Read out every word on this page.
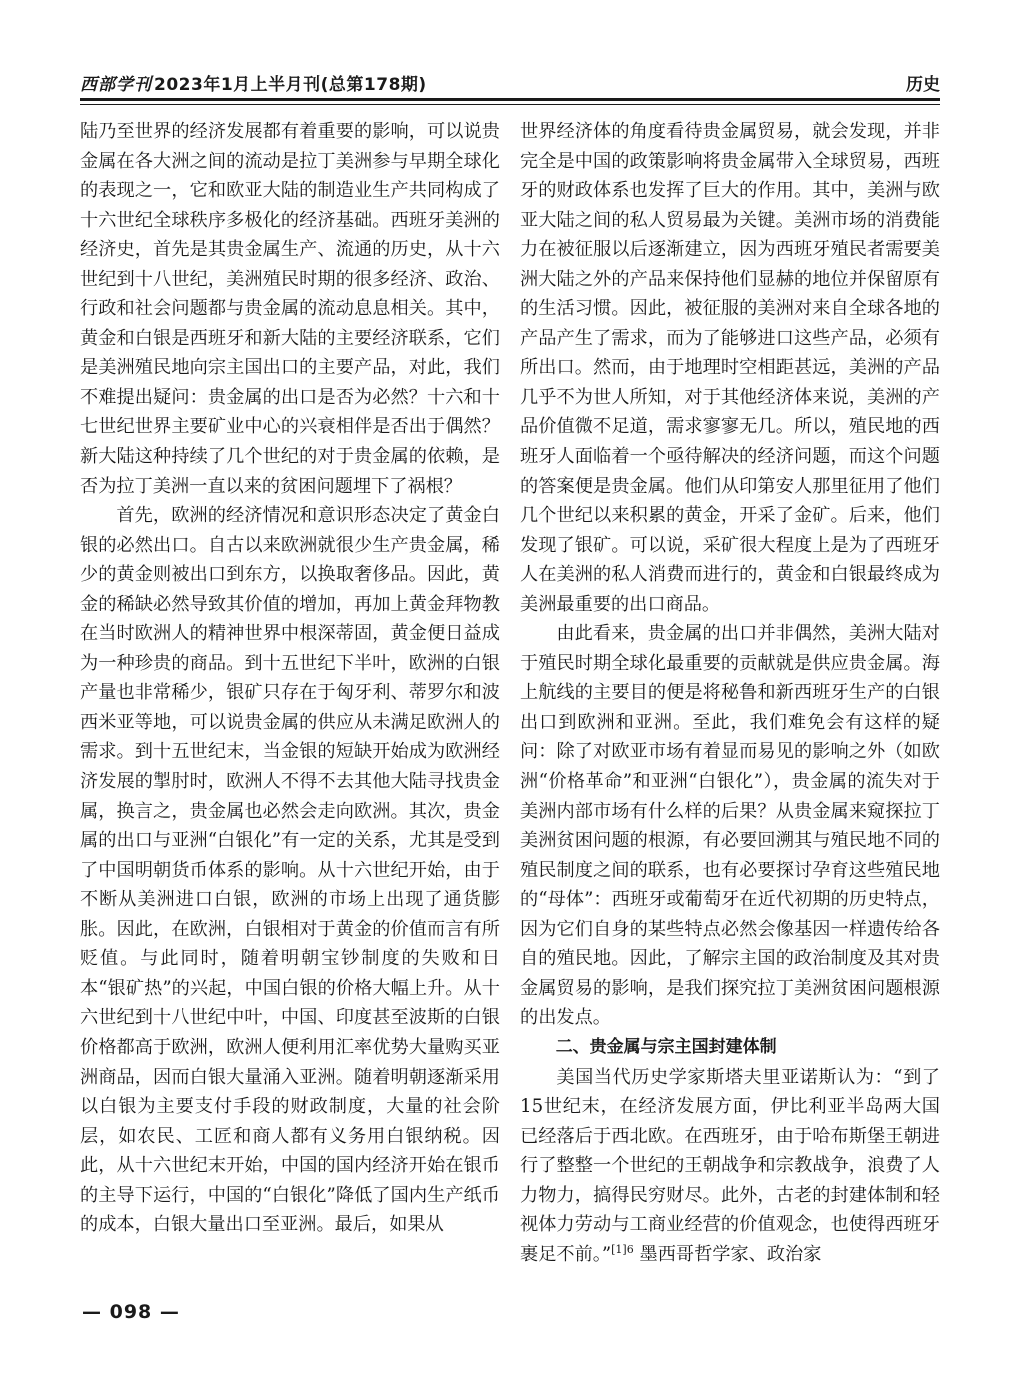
西部学刊 2023年1月上半月刊(总第178期)	历史

陆乃至世界的经济发展都有着重要的影响，可以说贵金属在各大洲之间的流动是拉丁美洲参与早期全球化的表现之一，它和欧亚大陆的制造业生产共同构成了十六世纪全球秩序多极化的经济基础。西班牙美洲的经济史，首先是其贵金属生产、流通的历史，从十六世纪到十八世纪，美洲殖民时期的很多经济、政治、行政和社会问题都与贵金属的流动息息相关。其中，黄金和白银是西班牙和新大陆的主要经济联系，它们是美洲殖民地向宗主国出口的主要产品，对此，我们不难提出疑问：贵金属的出口是否为必然？十六和十七世纪世界主要矿业中心的兴衰相伴是否出于偶然？新大陆这种持续了几个世纪的对于贵金属的依赖，是否为拉丁美洲一直以来的贫困问题埋下了祸根？

首先，欧洲的经济情况和意识形态决定了黄金白银的必然出口。自古以来欧洲就很少生产贵金属，稀少的黄金则被出口到东方，以换取奢侈品。因此，黄金的稀缺必然导致其价值的增加，再加上黄金拜物教在当时欧洲人的精神世界中根深蒂固，黄金便日益成为一种珍贵的商品。到十五世纪下半叶，欧洲的白银产量也非常稀少，银矿只存在于匈牙利、蒂罗尔和波西米亚等地，可以说贵金属的供应从未满足欧洲人的需求。到十五世纪末，当金银的短缺开始成为欧洲经济发展的掣肘时，欧洲人不得不去其他大陆寻找贵金属，换言之，贵金属也必然会走向欧洲。其次，贵金属的出口与亚洲“白银化”有一定的关系，尤其是受到了中国明朝货币体系的影响。从十六世纪开始，由于不断从美洲进口白银，欧洲的市场上出现了通货膨胀。因此，在欧洲，白银相对于黄金的价值而言有所贬值。与此同时，随着明朝宝钞制度的失败和日本“银矿热”的兴起，中国白银的价格大幅上升。从十六世纪到十八世纪中叶，中国、印度甚至波斯的白银价格都高于欧洲，欧洲人便利用汇率优势大量购买亚洲商品，因而白银大量涌入亚洲。随着明朝逐渐采用以白银为主要支付手段的财政制度，大量的社会阶层，如农民、工匠和商人都有义务用白银纳税。因此，从十六世纪末开始，中国的国内经济开始在银币的主导下运行，中国的“白银化”降低了国内生产纸币的成本，白银大量出口至亚洲。最后，如果从

世界经济体的角度看待贵金属贸易，就会发现，并非完全是中国的政策影响将贵金属带入全球贸易，西班牙的财政体系也发挥了巨大的作用。其中，美洲与欧亚大陆之间的私人贸易最为关键。美洲市场的消费能力在被征服以后逐渐建立，因为西班牙殖民者需要美洲大陆之外的产品来保持他们显赫的地位并保留原有的生活习惯。因此，被征服的美洲对来自全球各地的产品产生了需求，而为了能够进口这些产品，必须有所出口。然而，由于地理时空相距甚远，美洲的产品几乎不为世人所知，对于其他经济体来说，美洲的产品价值微不足道，需求寥寥无几。所以，殖民地的西班牙人面临着一个亟待解决的经济问题，而这个问题的答案便是贵金属。他们从印第安人那里征用了他们几个世纪以来积累的黄金，开采了金矿。后来，他们发现了银矿。可以说，采矿很大程度上是为了西班牙人在美洲的私人消费而进行的，黄金和白银最终成为美洲最重要的出口商品。

由此看来，贵金属的出口并非偶然，美洲大陆对于殖民时期全球化最重要的贡献就是供应贵金属。海上航线的主要目的便是将秘鲁和新西班牙生产的白银出口到欧洲和亚洲。至此，我们难免会有这样的疑问：除了对欧亚市场有着显而易见的影响之外（如欧洲“价格革命”和亚洲“白银化”），贵金属的流失对于美洲内部市场有什么样的后果？从贵金属来窥探拉丁美洲贫困问题的根源，有必要回溯其与殖民地不同的殖民制度之间的联系，也有必要探讨孕育这些殖民地的“母体”：西班牙或葡萄牙在近代初期的历史特点，因为它们自身的某些特点必然会像基因一样遗传给各自的殖民地。因此，了解宗主国的政治制度及其对贵金属贸易的影响，是我们探究拉丁美洲贫困问题根源的出发点。

二、贵金属与宗主国封建体制

美国当代历史学家斯塔夫里亚诺斯认为：“到了15世纪末，在经济发展方面，伊比利亚半岛两大国已经落后于西北欧。在西班牙，由于哈布斯堡王朝进行了整整一个世纪的王朝战争和宗教战争，浪费了人力物力，搞得民穷财尽。此外，古老的封建体制和轻视体力劳动与工商业经营的价值观念，也使得西班牙裹足不前。”$^{[1]6}$ 墨西哥哲学家、政治家

— 098 —
